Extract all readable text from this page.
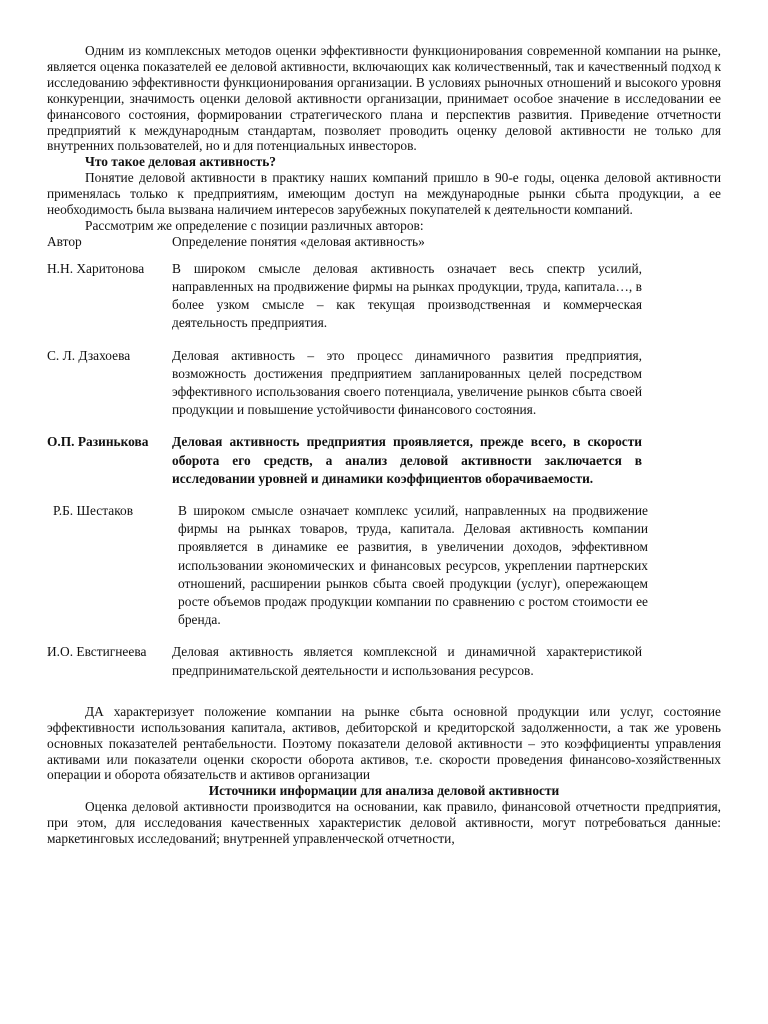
Одним из комплексных методов оценки эффективности функционирования современной компании на рынке, является оценка показателей ее деловой активности, включающих как количественный, так и качественный подход к исследованию эффективности функционирования организации. В условиях рыночных отношений и высокого уровня конкуренции, значимость оценки деловой активности организации, принимает особое значение в исследовании ее финансового состояния, формировании стратегического плана и перспектив развития. Приведение отчетности предприятий к международным стандартам, позволяет проводить оценку деловой активности не только для внутренних пользователей, но и для потенциальных инвесторов.

Что такое деловая активность?

Понятие деловой активности в практику наших компаний пришло в 90-е годы, оценка деловой активности применялась только к предприятиям, имеющим доступ на международные рынки сбыта продукции, а ее необходимость была вызвана наличием интересов зарубежных покупателей к деятельности компаний.

Рассмотрим же определение с позиции различных авторов:

Автор	Определение понятия «деловая активность»
Н.Н. Харитонова	В широком смысле деловая активность означает весь спектр усилий, направленных на продвижение фирмы на рынках продукции, труда, капитала…, в более узком смысле – как текущая производственная и коммерческая деятельность предприятия.
С. Л. Дзахоева	Деловая активность – это процесс динамичного развития предприятия, возможность достижения предприятием запланированных целей посредством эффективного использования своего потенциала, увеличение рынков сбыта своей продукции и повышение устойчивости финансового состояния.
О.П. Разинькова	Деловая активность предприятия проявляется, прежде всего, в скорости оборота его средств, а анализ деловой активности заключается в исследовании уровней и динамики коэффициентов оборачиваемости.
Р.Б. Шестаков	В широком смысле означает комплекс усилий, направленных на продвижение фирмы на рынках товаров, труда, капитала. Деловая активность компании проявляется в динамике ее развития, в увеличении доходов, эффективном использовании экономических и финансовых ресурсов, укреплении партнерских отношений, расширении рынков сбыта своей продукции (услуг), опережающем росте объемов продаж продукции компании по сравнению с ростом стоимости ее бренда.
И.О. Евстигнеева	Деловая активность является комплексной и динамичной характеристикой предпринимательской деятельности и использования ресурсов.

ДА характеризует положение компании на рынке сбыта основной продукции или услуг, состояние эффективности использования капитала, активов, дебиторской и кредиторской задолженности, а так же уровень основных показателей рентабельности. Поэтому показатели деловой активности – это коэффициенты управления активами или показатели оценки скорости оборота активов, т.е. скорости проведения финансово-хозяйственных операции и оборота обязательств и активов организации

Источники информации для анализа деловой активности

Оценка деловой активности производится на основании, как правило, финансовой отчетности предприятия, при этом, для исследования качественных характеристик деловой активности, могут потребоваться данные: маркетинговых исследований; внутренней управленческой отчетности,
